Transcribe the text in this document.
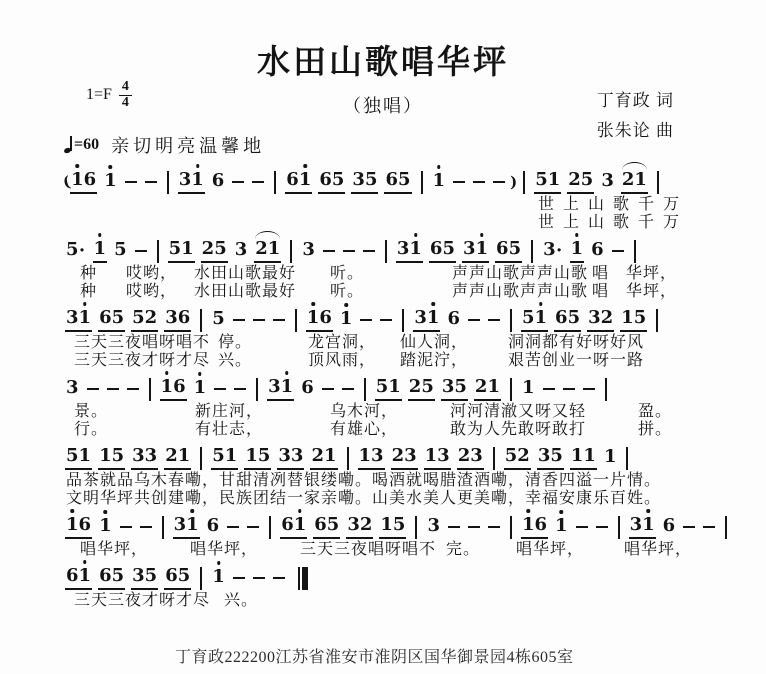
水田山歌唱华坪
（独唱）
$1=F \frac{4}{4}$	丁育政 词
张朱论 曲
=60 亲切明亮温馨地
(
1 6 1	3 1 6	6 1 6 5 3 5 6 5 1	) 5 1 2 5 3 2 1
世上山歌千万
世上山歌千万
5 · 1 5 5 1 2 5 3 2 1 3	3 1 6 5 3 1 6 5 3 · 1 6
种 哎哟， 水田山歌最好 听。	声声山歌声声山歌 唱 华坪，
种 哎哟， 水田山歌最好 听。	声声山歌声声山歌 唱 华坪，
3 1 6 5 5 2 3 6 5	1 6 1	3 1 6	5 1 6 5 3 2 1 5
三天三夜唱呀唱不 停。	龙宫洞， 仙人洞， 洞洞都有好呀好风
三天三夜才呀才尽 兴。	顶风雨， 踏泥泞， 艰苦创业一呀一路
3	1 6 1	3 1 6	5 1 2 5 3 5 2 1 1
景。	新庄河，	乌木河，	河河清澈又呀又轻	盈。
行。	有壮志，	有雄心，	敢为人先敢呀敢打	拼。
5 1 1 5 3 3 2 1 5 1 1 5 3 3 2 1 1 3 2 3 1 3 2 3 5 2 3 5 1 1 1
品茶就品乌木春嘞，甘甜清冽替银缕嘞。喝酒就喝腊渣酒嘞，清香四溢一片情。
文明华坪共创建嘞，民族团结一家亲嘞。山美水美人更美嘞，幸福安康乐百姓。
1 6 1	3 1 6	6 1 6 5 3 2 1 5 3	1 6 1	3 1 6
唱华坪，	唱华坪，	三天三夜唱呀唱不 完。 唱华坪， 唱华坪，
6 1 6 5 3 5 6 5 1
三天三夜才呀才尽 兴。
丁育政222200江苏省淮安市淮阴区国华御景园4栋605室
